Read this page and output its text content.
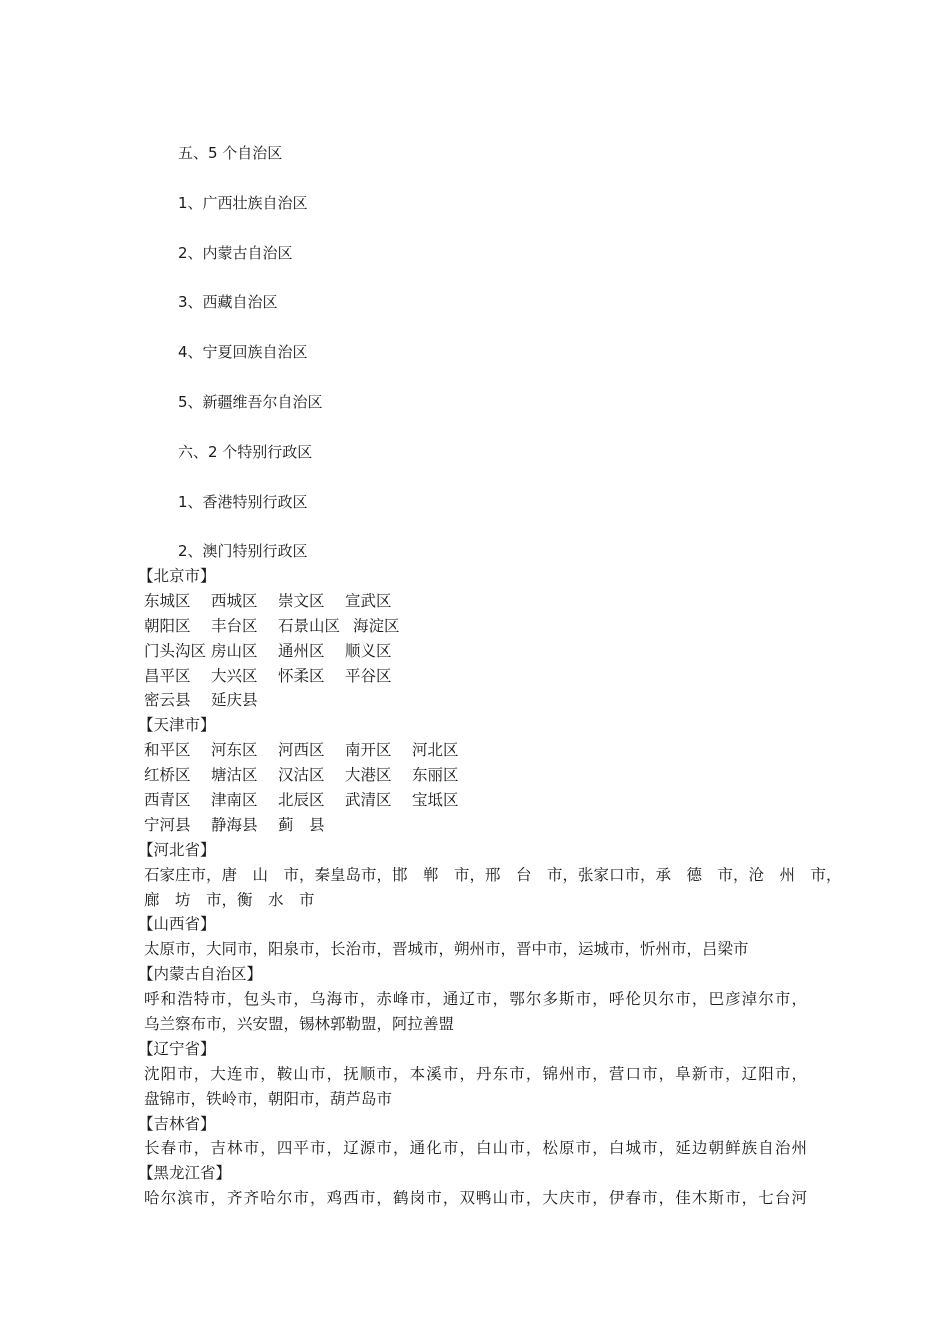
五、5 个自治区
1、广西壮族自治区
2、内蒙古自治区
3、西藏自治区
4、宁夏回族自治区
5、新疆维吾尔自治区
六、2 个特别行政区
1、香港特别行政区
2、澳门特别行政区
【北京市】
东城区 西城区 崇文区 宣武区
朝阳区 丰台区 石景山区 海淀区
门头沟区 房山区 通州区 顺义区
昌平区 大兴区 怀柔区 平谷区
密云县 延庆县
【天津市】
和平区 河东区 河西区 南开区 河北区
红桥区 塘沽区 汉沽区 大港区 东丽区
西青区 津南区 北辰区 武清区 宝坻区
宁河县 静海县 蓟　县
【河北省】
石家庄市，唐　山　市，秦皇岛市，邯　郸　市，邢　台　市，张家口市，承　德　市，沧　州　市，
廊　坊　市，衡　水　市
【山西省】
太原市，大同市，阳泉市，长治市，晋城市，朔州市，晋中市，运城市，忻州市，吕梁市
【内蒙古自治区】
呼和浩特市，包头市，乌海市，赤峰市，通辽市，鄂尔多斯市，呼伦贝尔市，巴彦淖尔市，
乌兰察布市，兴安盟，锡林郭勒盟，阿拉善盟
【辽宁省】
沈阳市，大连市，鞍山市，抚顺市，本溪市，丹东市，锦州市，营口市，阜新市，辽阳市，
盘锦市，铁岭市，朝阳市，葫芦岛市
【吉林省】
长春市，吉林市，四平市，辽源市，通化市，白山市，松原市，白城市，延边朝鲜族自治州
【黑龙江省】
哈尔滨市，齐齐哈尔市，鸡西市，鹤岗市，双鸭山市，大庆市，伊春市，佳木斯市，七台河
